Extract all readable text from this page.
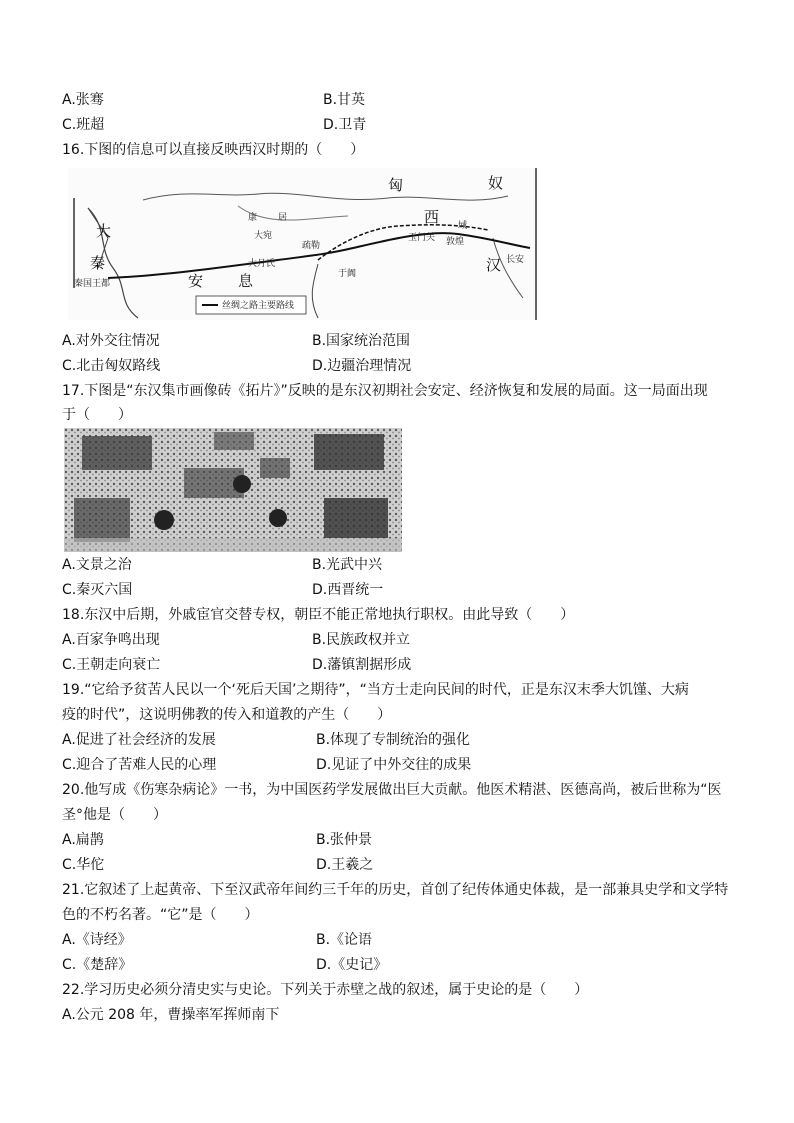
A.张骞	B.甘英
C.班超	D.卫青
16.下图的信息可以直接反映西汉时期的（　　）
丝绸之路主要路线
匈	奴
西 域
汉 长安
大
秦
秦国王都	安 息
康 居
大宛
大月氏
疏勒
玉门关 敦煌
于阗
A.对外交往情况	B.国家统治范围
C.北击匈奴路线	D.边疆治理情况
17.下图是“东汉集市画像砖《拓片》”反映的是东汉初期社会安定、经济恢复和发展的局面。这一局面出现
于（　　）
A.文景之治	B.光武中兴
C.秦灭六国	D.西晋统一
18.东汉中后期，外戚宦官交替专权，朝臣不能正常地执行职权。由此导致（　　）
A.百家争鸣出现	B.民族政权并立
C.王朝走向衰亡	D.藩镇割据形成
19.“它给予贫苦人民以一个‘死后天国’之期待”，“当方士走向民间的时代，正是东汉末季大饥馑、大病
疫的时代”，这说明佛教的传入和道教的产生（　　）
A.促进了社会经济的发展	B.体现了专制统治的强化
C.迎合了苦难人民的心理	D.见证了中外交往的成果
20.他写成《伤寒杂病论》一书，为中国医药学发展做出巨大贡献。他医术精湛、医德高尚，被后世称为“医
圣°他是（　　）
A.扁鹊	B.张仲景
C.华佗	D.王羲之
21.它叙述了上起黄帝、下至汉武帝年间约三千年的历史，首创了纪传体通史体裁，是一部兼具史学和文学特
色的不朽名著。“它”是（　　）
A.《诗经》	B.《论语
C.《楚辞》	D.《史记》
22.学习历史必须分清史实与史论。下列关于赤壁之战的叙述，属于史论的是（　　）
A.公元 208 年，曹操率军挥师南下
